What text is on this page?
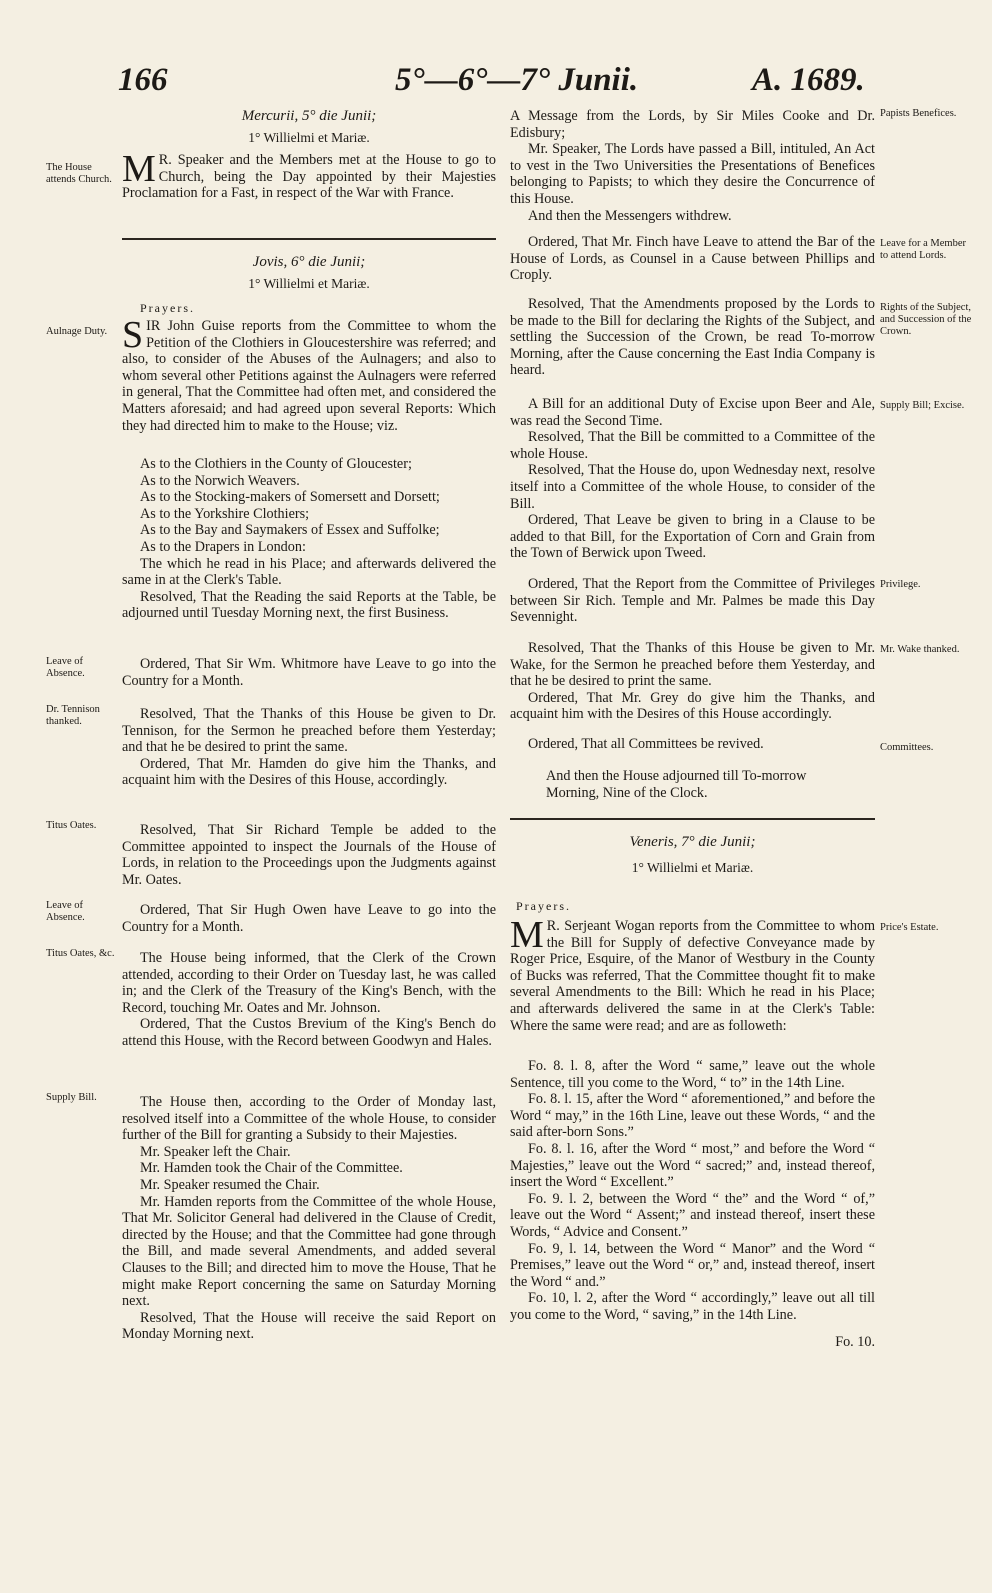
166	5°—6°—7° Junii.	A. 1689.
The House attends Church.
Aulnage Duty.
Leave of Absence.
Dr. Tennison thanked.
Titus Oates.
Leave of Absence.
Titus Oates, &c.
Supply Bill.
Papists Benefices.
Leave for a Member to attend Lords.
Rights of the Subject, and Succession of the Crown.
Supply Bill; Excise.
Privilege.
Mr. Wake thanked.
Committees.
Price's Estate.
Mercurii, 5° die Junii;
1° Willielmi et Mariæ.
M R. Speaker and the Members met at the House to go to Church, being the Day appointed by their Majesties Proclamation for a Fast, in respect of the War with France.

Jovis, 6° die Junii;
1° Willielmi et Mariæ.
Prayers.
S IR John Guise reports from the Committee to whom the Petition of the Clothiers in Gloucestershire was referred; and also, to consider of the Abuses of the Aulnagers; and also to whom several other Petitions against the Aulnagers were referred in general, That the Committee had often met, and considered the Matters aforesaid; and had agreed upon several Reports: Which they had directed him to make to the House; viz.

As to the Clothiers in the County of Gloucester;

As to the Norwich Weavers.

As to the Stocking-makers of Somersett and Dorsett;

As to the Yorkshire Clothiers;

As to the Bay and Saymakers of Essex and Suffolke;

As to the Drapers in London:

The which he read in his Place; and afterwards delivered the same in at the Clerk's Table.

Resolved, That the Reading the said Reports at the Table, be adjourned until Tuesday Morning next, the first Business.

Ordered, That Sir Wm. Whitmore have Leave to go into the Country for a Month.

Resolved, That the Thanks of this House be given to Dr. Tennison, for the Sermon he preached before them Yesterday; and that he be desired to print the same.

Ordered, That Mr. Hamden do give him the Thanks, and acquaint him with the Desires of this House, accordingly.

Resolved, That Sir Richard Temple be added to the Committee appointed to inspect the Journals of the House of Lords, in relation to the Proceedings upon the Judgments against Mr. Oates.

Ordered, That Sir Hugh Owen have Leave to go into the Country for a Month.

The House being informed, that the Clerk of the Crown attended, according to their Order on Tuesday last, he was called in; and the Clerk of the Treasury of the King's Bench, with the Record, touching Mr. Oates and Mr. Johnson.

Ordered, That the Custos Brevium of the King's Bench do attend this House, with the Record between Goodwyn and Hales.

The House then, according to the Order of Monday last, resolved itself into a Committee of the whole House, to consider further of the Bill for granting a Subsidy to their Majesties.

Mr. Speaker left the Chair.

Mr. Hamden took the Chair of the Committee.

Mr. Speaker resumed the Chair.

Mr. Hamden reports from the Committee of the whole House, That Mr. Solicitor General had delivered in the Clause of Credit, directed by the House; and that the Committee had gone through the Bill, and made several Amendments, and added several Clauses to the Bill; and directed him to move the House, That he might make Report concerning the same on Saturday Morning next.

Resolved, That the House will receive the said Report on Monday Morning next.

A Message from the Lords, by Sir Miles Cooke and Dr. Edisbury;

Mr. Speaker, The Lords have passed a Bill, intituled, An Act to vest in the Two Universities the Presentations of Benefices belonging to Papists; to which they desire the Concurrence of this House.

And then the Messengers withdrew.

Ordered, That Mr. Finch have Leave to attend the Bar of the House of Lords, as Counsel in a Cause between Phillips and Croply.

Resolved, That the Amendments proposed by the Lords to be made to the Bill for declaring the Rights of the Subject, and settling the Succession of the Crown, be read To-morrow Morning, after the Cause concerning the East India Company is heard.

A Bill for an additional Duty of Excise upon Beer and Ale, was read the Second Time.

Resolved, That the Bill be committed to a Committee of the whole House.

Resolved, That the House do, upon Wednesday next, resolve itself into a Committee of the whole House, to consider of the Bill.

Ordered, That Leave be given to bring in a Clause to be added to that Bill, for the Exportation of Corn and Grain from the Town of Berwick upon Tweed.

Ordered, That the Report from the Committee of Privileges between Sir Rich. Temple and Mr. Palmes be made this Day Sevennight.

Resolved, That the Thanks of this House be given to Mr. Wake, for the Sermon he preached before them Yesterday, and that he be desired to print the same.

Ordered, That Mr. Grey do give him the Thanks, and acquaint him with the Desires of this House accordingly.

Ordered, That all Committees be revived.

And then the House adjourned till To-morrow Morning, Nine of the Clock.

Veneris, 7° die Junii;
1° Willielmi et Mariæ.
Prayers.
M R. Serjeant Wogan reports from the Committee to whom the Bill for Supply of defective Conveyance made by Roger Price, Esquire, of the Manor of Westbury in the County of Bucks was referred, That the Committee thought fit to make several Amendments to the Bill: Which he read in his Place; and afterwards delivered the same in at the Clerk's Table: Where the same were read; and are as followeth:

Fo. 8. l. 8, after the Word “ same,” leave out the whole Sentence, till you come to the Word, “ to” in the 14th Line.

Fo. 8. l. 15, after the Word “ aforementioned,” and before the Word “ may,” in the 16th Line, leave out these Words, “ and the said after-born Sons.”

Fo. 8. l. 16, after the Word “ most,” and before the Word “ Majesties,” leave out the Word “ sacred;” and, instead thereof, insert the Word “ Excellent.”

Fo. 9. l. 2, between the Word “ the” and the Word “ of,” leave out the Word “ Assent;” and instead thereof, insert these Words, “ Advice and Consent.”

Fo. 9, l. 14, between the Word “ Manor” and the Word “ Premises,” leave out the Word “ or,” and, instead thereof, insert the Word “ and.”

Fo. 10, l. 2, after the Word “ accordingly,” leave out all till you come to the Word, “ saving,” in the 14th Line.

Fo. 10.
